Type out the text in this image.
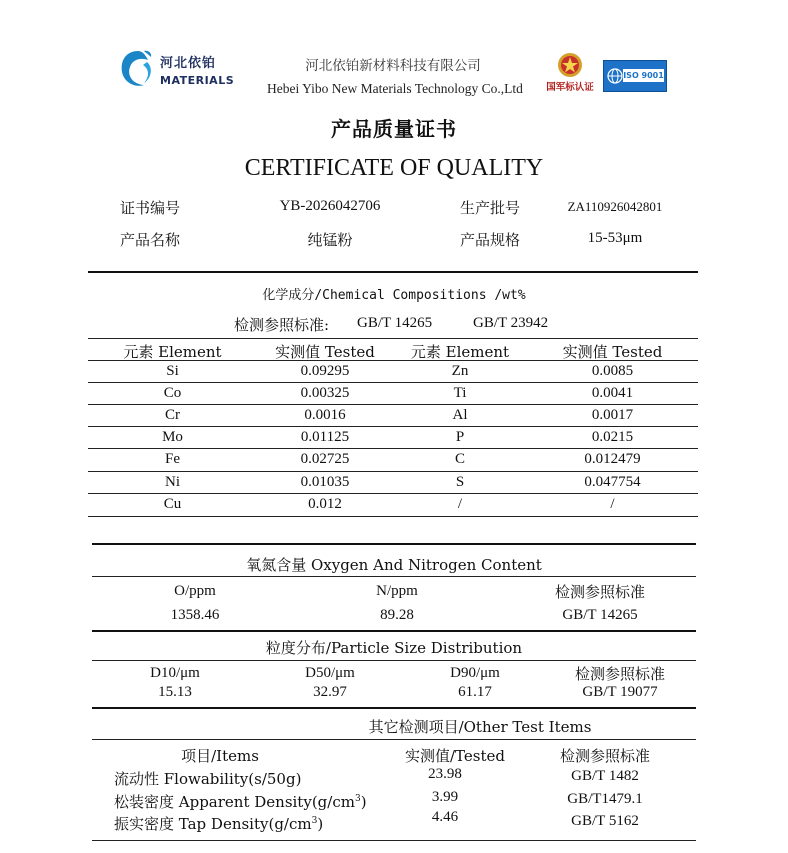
河北依铂
MATERIALS
河北依铂新材料科技有限公司
Hebei Yibo New Materials Technology Co.,Ltd	国军标认证
ISO 9001
产品质量证书
CERTIFICATE OF QUALITY
证书编号	YB-2026042706	生产批号	ZA110926042801
产品名称	纯锰粉	产品规格	15-53μm
化学成分/Chemical Compositions /wt%
检测参照标准: GB/T 14265	GB/T 23942
元素 Element	实测值 Tested	元素 Element	实测值 Tested
Si	0.09295	Zn	0.0085
Co	0.00325	Ti	0.0041
Cr	0.0016	Al	0.0017
Mo	0.01125	P	0.0215
Fe	0.02725	C	0.012479
Ni	0.01035	S	0.047754
Cu	0.012	/	/
氧氮含量 Oxygen And Nitrogen Content
O/ppm	N/ppm	检测参照标准
1358.46	89.28	GB/T 14265
粒度分布/Particle Size Distribution
D10/μm	D50/μm	D90/μm	检测参照标准
15.13	32.97	61.17	GB/T 19077
其它检测项目/Other Test Items
项目/Items	实测值/Tested	检测参照标准
流动性 Flowability(s/50g)	23.98	GB/T 1482
松装密度 Apparent $Density(g/cm^3)$	3.99	GB/T1479.1
振实密度 Tap $Density(g/cm^3)$	4.46	GB/T 5162
